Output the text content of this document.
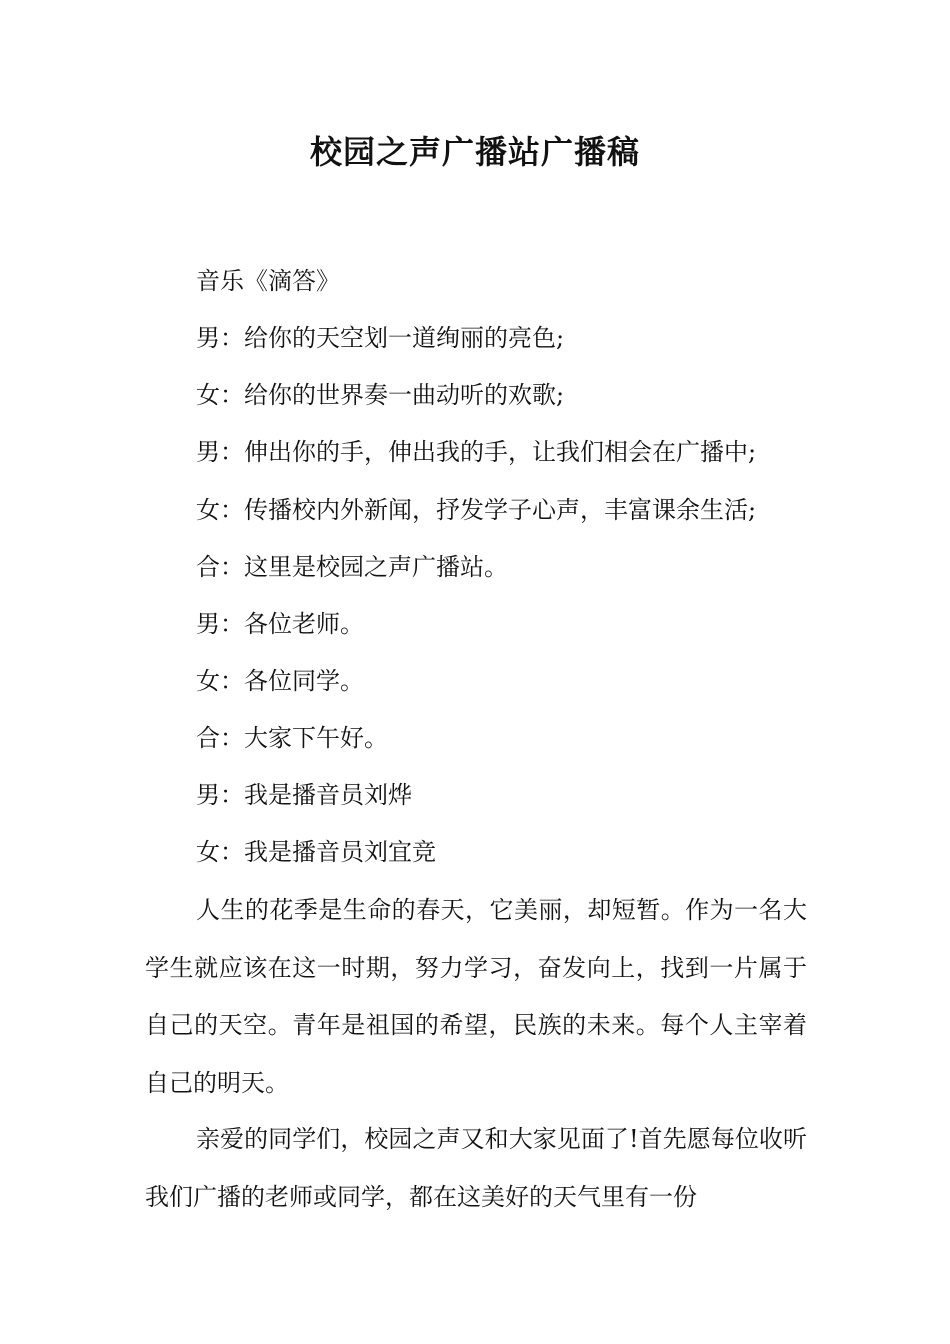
校园之声广播站广播稿

音乐《滴答》

男：给你的天空划一道绚丽的亮色;

女：给你的世界奏一曲动听的欢歌;

男：伸出你的手，伸出我的手，让我们相会在广播中;

女：传播校内外新闻，抒发学子心声，丰富课余生活;

合：这里是校园之声广播站。

男：各位老师。

女：各位同学。

合：大家下午好。

男：我是播音员刘烨

女：我是播音员刘宜竞

人生的花季是生命的春天，它美丽，却短暂。作为一名大学生就应该在这一时期，努力学习，奋发向上，找到一片属于自己的天空。青年是祖国的希望，民族的未来。每个人主宰着自己的明天。

亲爱的同学们，校园之声又和大家见面了!首先愿每位收听我们广播的老师或同学，都在这美好的天气里有一份
